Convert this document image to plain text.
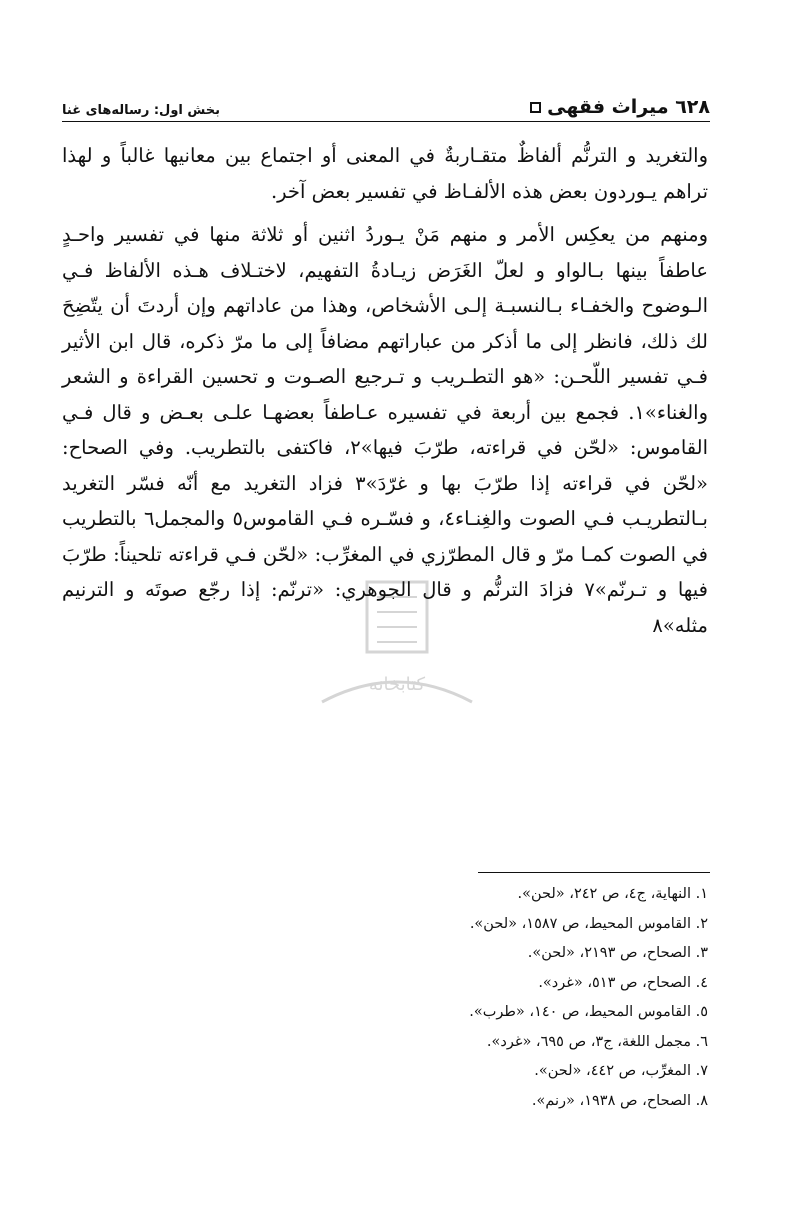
٦٢٨ میراث فقهی
بخش اول: رسالەهای غنا
کتابخانه

والتغريد و الترنُّم ألفاظٌ متقـاربةٌ في المعنى أو اجتماع بين معانيها غالباً و لهذا تراهم يـوردون بعض هذه الألفـاظ في تفسير بعض آخر.

ومنهم من يعكِس الأمر و منهم مَنْ يـوردُ اثنين أو ثلاثة منها في تفسير واحـدٍ عاطفاً بينها بـالواو و لعلّ الغَرَض زيـادةُ التفهيم، لاختـلاف هـذه الألفاظ فـي الـوضوح والخفـاء بـالنسبـة إلـى الأشخاص، وهذا من عاداتهم وإن أردتَ أن يتّضِحَ لك ذلك، فانظر إلى ما أذكر من عباراتهم مضافاً إلى ما مرّ ذكره، قال ابن الأثير فـي تفسير اللّحـن: «هو التطـريب و تـرجيع الصـوت و تحسين القراءة و الشعر والغناء»١. فجمع بين أربعة في تفسيره عـاطفاً بعضهـا علـى بعـض و قال فـي القاموس: «لحّن في قراءته، طرّبَ فيها»٢، فاكتفى بالتطريب. وفي الصحاح: «لحّن في قراءته إذا طرّبَ بها و غرّدَ»٣ فزاد التغريد مع أنّه فسّر التغريد بـالتطريـب فـي الصوت والغِنـاء٤، و فسّـره فـي القاموس٥ والمجمل٦ بالتطريب في الصوت كمـا مرّ و قال المطرّزي في المغرِّب: «لحّن فـي قراءته تلحيناً: طرّبَ فيها و تـرنّم»٧ فزادَ الترنُّم و قال الجوهري: «ترنّم: إذا رجّع صوتَه و الترنيم مثله»٨

١. النهاية، ج٤، ص ٢٤٢، «لحن».
٢. القاموس المحيط، ص ١٥٨٧، «لحن».
٣. الصحاح، ص ٢١٩٣، «لحن».
٤. الصحاح، ص ٥١٣، «غرد».
٥. القاموس المحيط، ص ١٤٠، «طرب».
٦. مجمل اللغة، ج٣، ص ٦٩٥، «غرد».
٧. المغرِّب، ص ٤٤٢، «لحن».
٨. الصحاح، ص ١٩٣٨، «رنم».
